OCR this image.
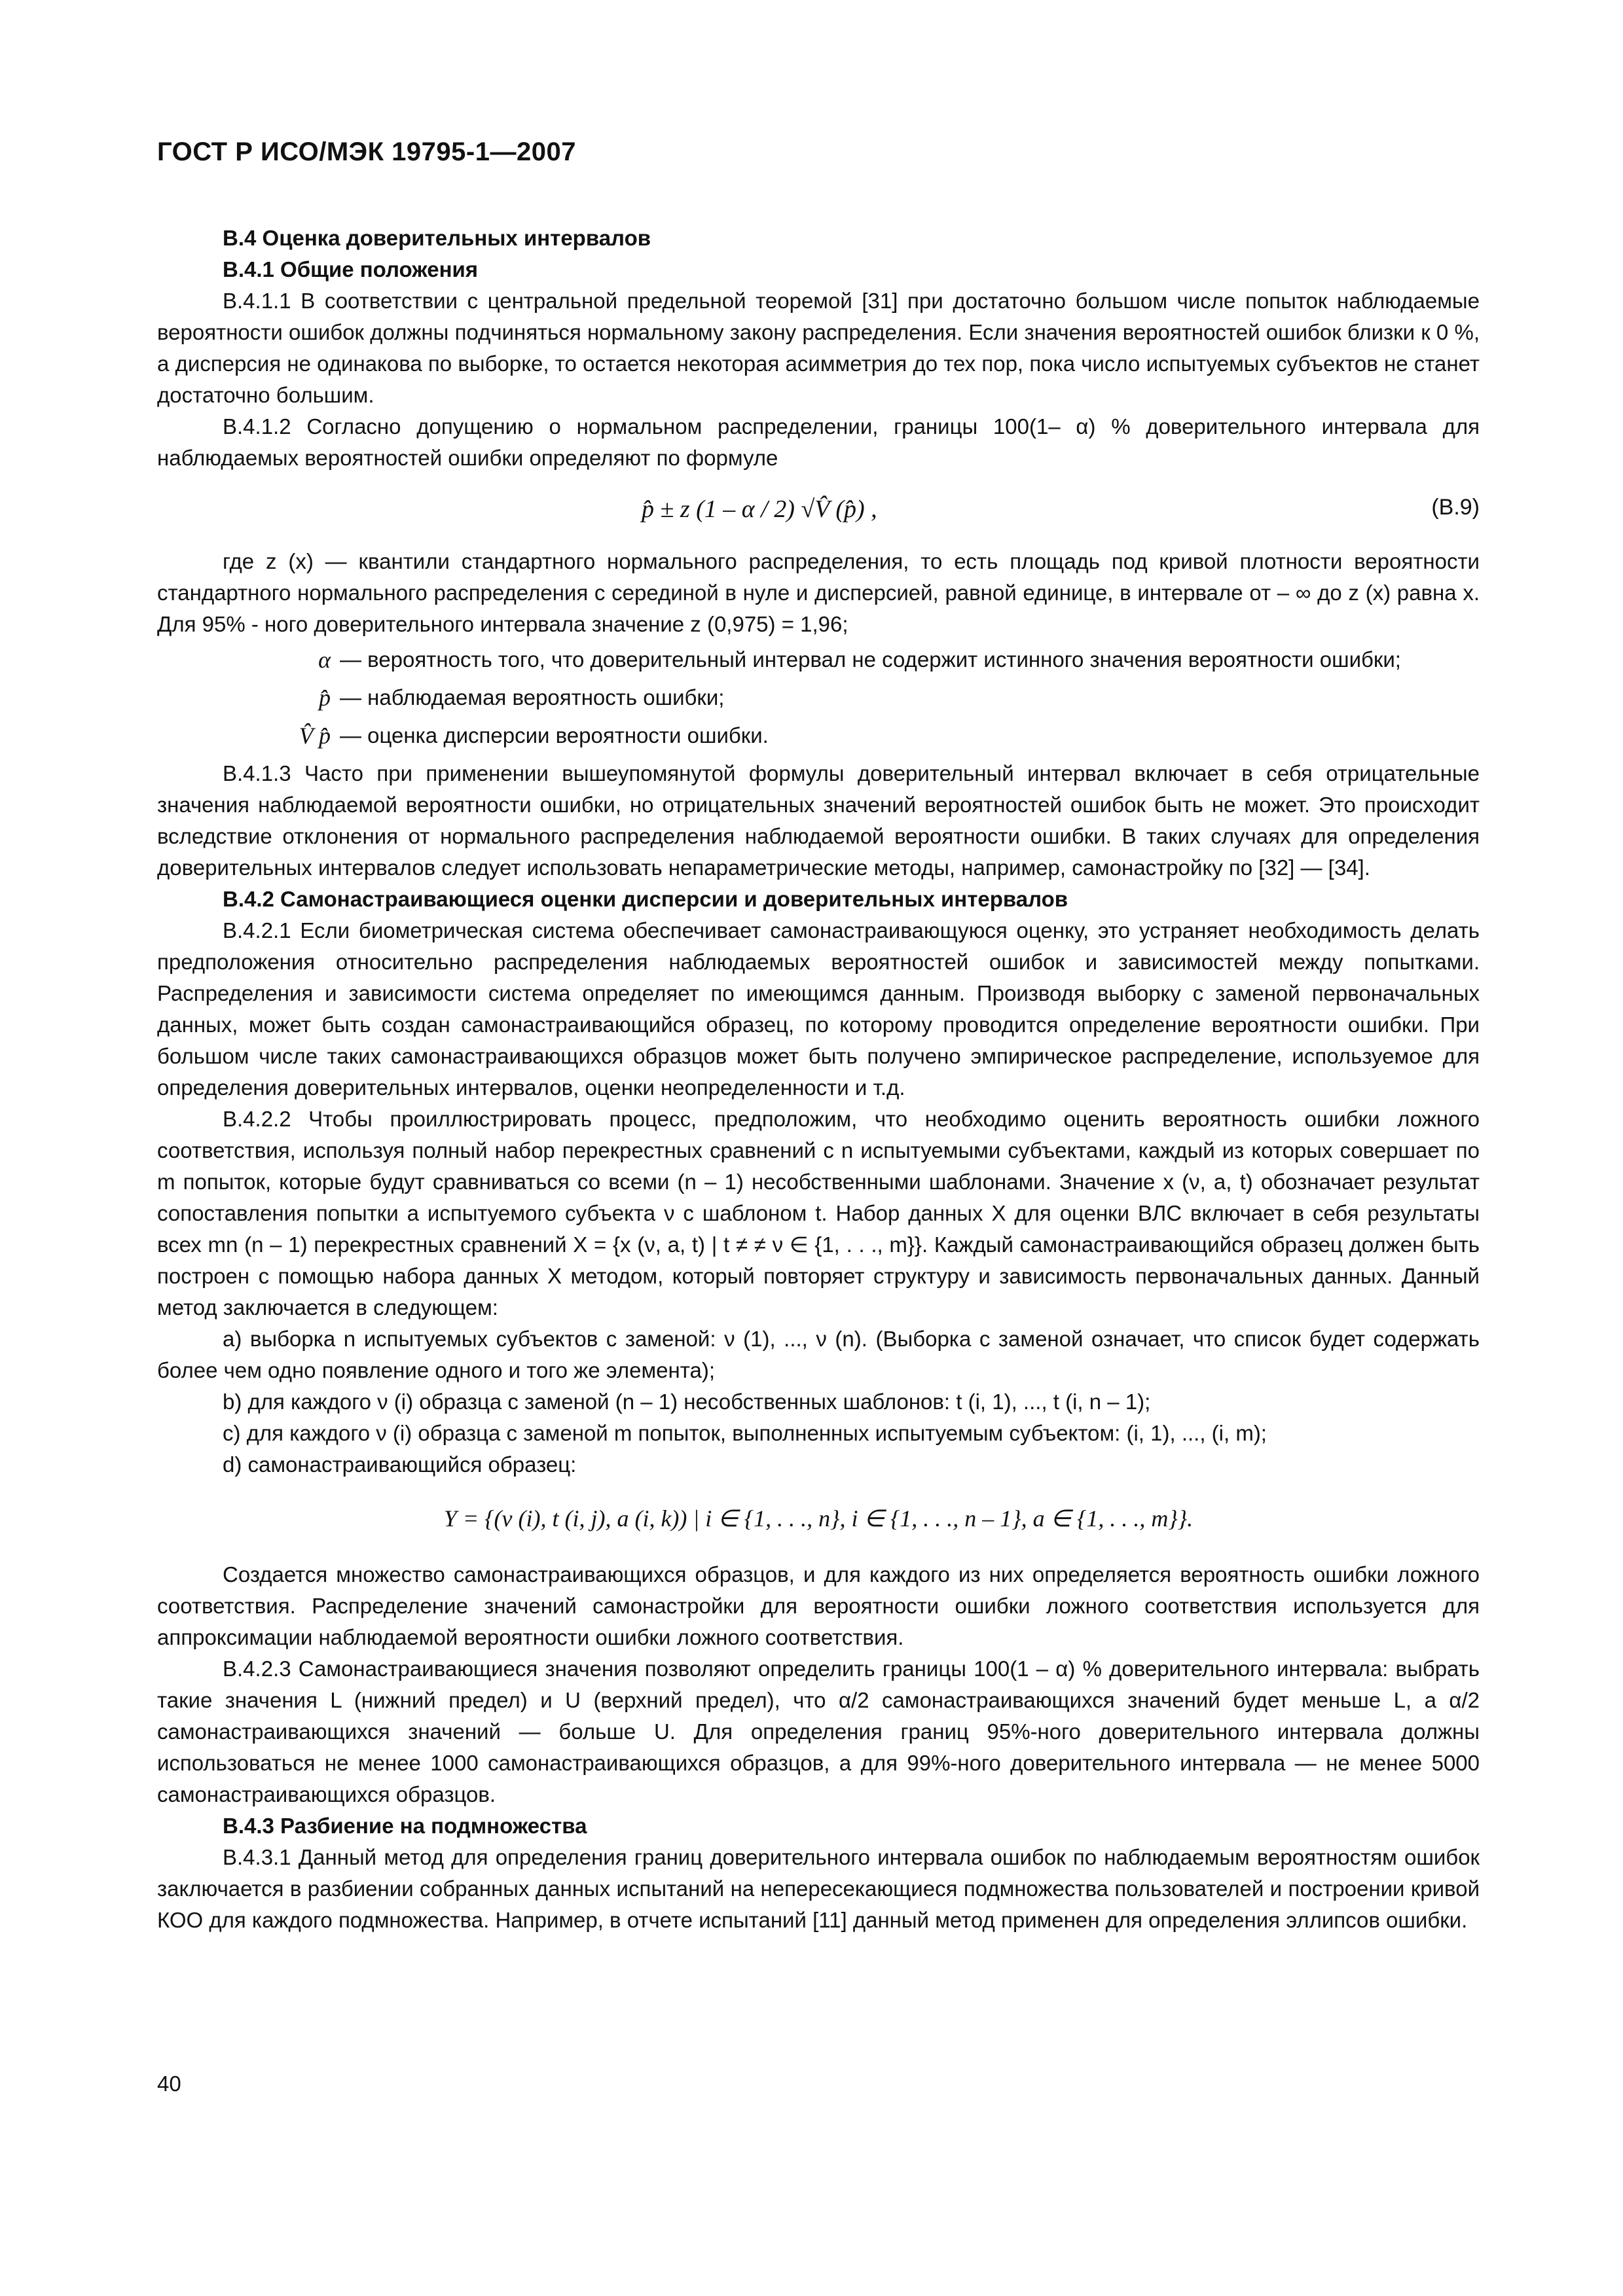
ГОСТ Р ИСО/МЭК 19795-1—2007
В.4 Оценка доверительных интервалов
В.4.1 Общие положения

В.4.1.1 В соответствии с центральной предельной теоремой [31] при достаточно большом числе попыток наблюдаемые вероятности ошибок должны подчиняться нормальному закону распределения. Если значения вероятностей ошибок близки к 0 %, а дисперсия не одинакова по выборке, то остается некоторая асимметрия до тех пор, пока число испытуемых субъектов не станет достаточно большим.

В.4.1.2 Согласно допущению о нормальном распределении, границы 100(1– α) % доверительного интервала для наблюдаемых вероятностей ошибки определяют по формуле

p̂ ± z (1 – α / 2) √V̂ (p̂) ,	(В.9)

где z (x) — квантили стандартного нормального распределения, то есть площадь под кривой плотности вероятности стандартного нормального распределения с серединой в нуле и дисперсией, равной единице, в интервале от – ∞ до z (x) равна x. Для 95% - ного доверительного интервала значение z (0,975) = 1,96;

α — вероятность того, что доверительный интервал не содержит истинного значения вероятности ошибки;
p̂ — наблюдаемая вероятность ошибки;
V̂ p̂ — оценка дисперсии вероятности ошибки.

В.4.1.3 Часто при применении вышеупомянутой формулы доверительный интервал включает в себя отрицательные значения наблюдаемой вероятности ошибки, но отрицательных значений вероятностей ошибок быть не может. Это происходит вследствие отклонения от нормального распределения наблюдаемой вероятности ошибки. В таких случаях для определения доверительных интервалов следует использовать непараметрические методы, например, самонастройку по [32] — [34].

В.4.2 Самонастраивающиеся оценки дисперсии и доверительных интервалов

В.4.2.1 Если биометрическая система обеспечивает самонастраивающуюся оценку, это устраняет необходимость делать предположения относительно распределения наблюдаемых вероятностей ошибок и зависимостей между попытками. Распределения и зависимости система определяет по имеющимся данным. Производя выборку с заменой первоначальных данных, может быть создан самонастраивающийся образец, по которому проводится определение вероятности ошибки. При большом числе таких самонастраивающихся образцов может быть получено эмпирическое распределение, используемое для определения доверительных интервалов, оценки неопределенности и т.д.

В.4.2.2 Чтобы проиллюстрировать процесс, предположим, что необходимо оценить вероятность ошибки ложного соответствия, используя полный набор перекрестных сравнений с n испытуемыми субъектами, каждый из которых совершает по m попыток, которые будут сравниваться со всеми (n – 1) несобственными шаблонами. Значение x (ν, a, t) обозначает результат сопоставления попытки a испытуемого субъекта ν с шаблоном t. Набор данных X для оценки ВЛС включает в себя результаты всех mn (n – 1) перекрестных сравнений X = {x (ν, a, t) | t ≠ ≠ ν ∈ {1, . . ., m}}. Каждый самонастраивающийся образец должен быть построен с помощью набора данных X методом, который повторяет структуру и зависимость первоначальных данных. Данный метод заключается в следующем:

a) выборка n испытуемых субъектов с заменой: ν (1), ..., ν (n). (Выборка с заменой означает, что список будет содержать более чем одно появление одного и того же элемента);

b) для каждого ν (i) образца с заменой (n – 1) несобственных шаблонов: t (i, 1), ..., t (i, n – 1);

c) для каждого ν (i) образца с заменой m попыток, выполненных испытуемым субъектом: (i, 1), ..., (i, m);

d) самонастраивающийся образец:

Y = {(ν (i), t (i, j), a (i, k)) | i ∈ {1, . . ., n}, i ∈ {1, . . ., n – 1}, a ∈ {1, . . ., m}}.

Создается множество самонастраивающихся образцов, и для каждого из них определяется вероятность ошибки ложного соответствия. Распределение значений самонастройки для вероятности ошибки ложного соответствия используется для аппроксимации наблюдаемой вероятности ошибки ложного соответствия.

В.4.2.3 Самонастраивающиеся значения позволяют определить границы 100(1 – α) % доверительного интервала: выбрать такие значения L (нижний предел) и U (верхний предел), что α/2 самонастраивающихся значений будет меньше L, а α/2 самонастраивающихся значений — больше U. Для определения границ 95%-ного доверительного интервала должны использоваться не менее 1000 самонастраивающихся образцов, а для 99%-ного доверительного интервала — не менее 5000 самонастраивающихся образцов.

В.4.3 Разбиение на подмножества

В.4.3.1 Данный метод для определения границ доверительного интервала ошибок по наблюдаемым вероятностям ошибок заключается в разбиении собранных данных испытаний на непересекающиеся подмножества пользователей и построении кривой КОО для каждого подмножества. Например, в отчете испытаний [11] данный метод применен для определения эллипсов ошибки.

40
